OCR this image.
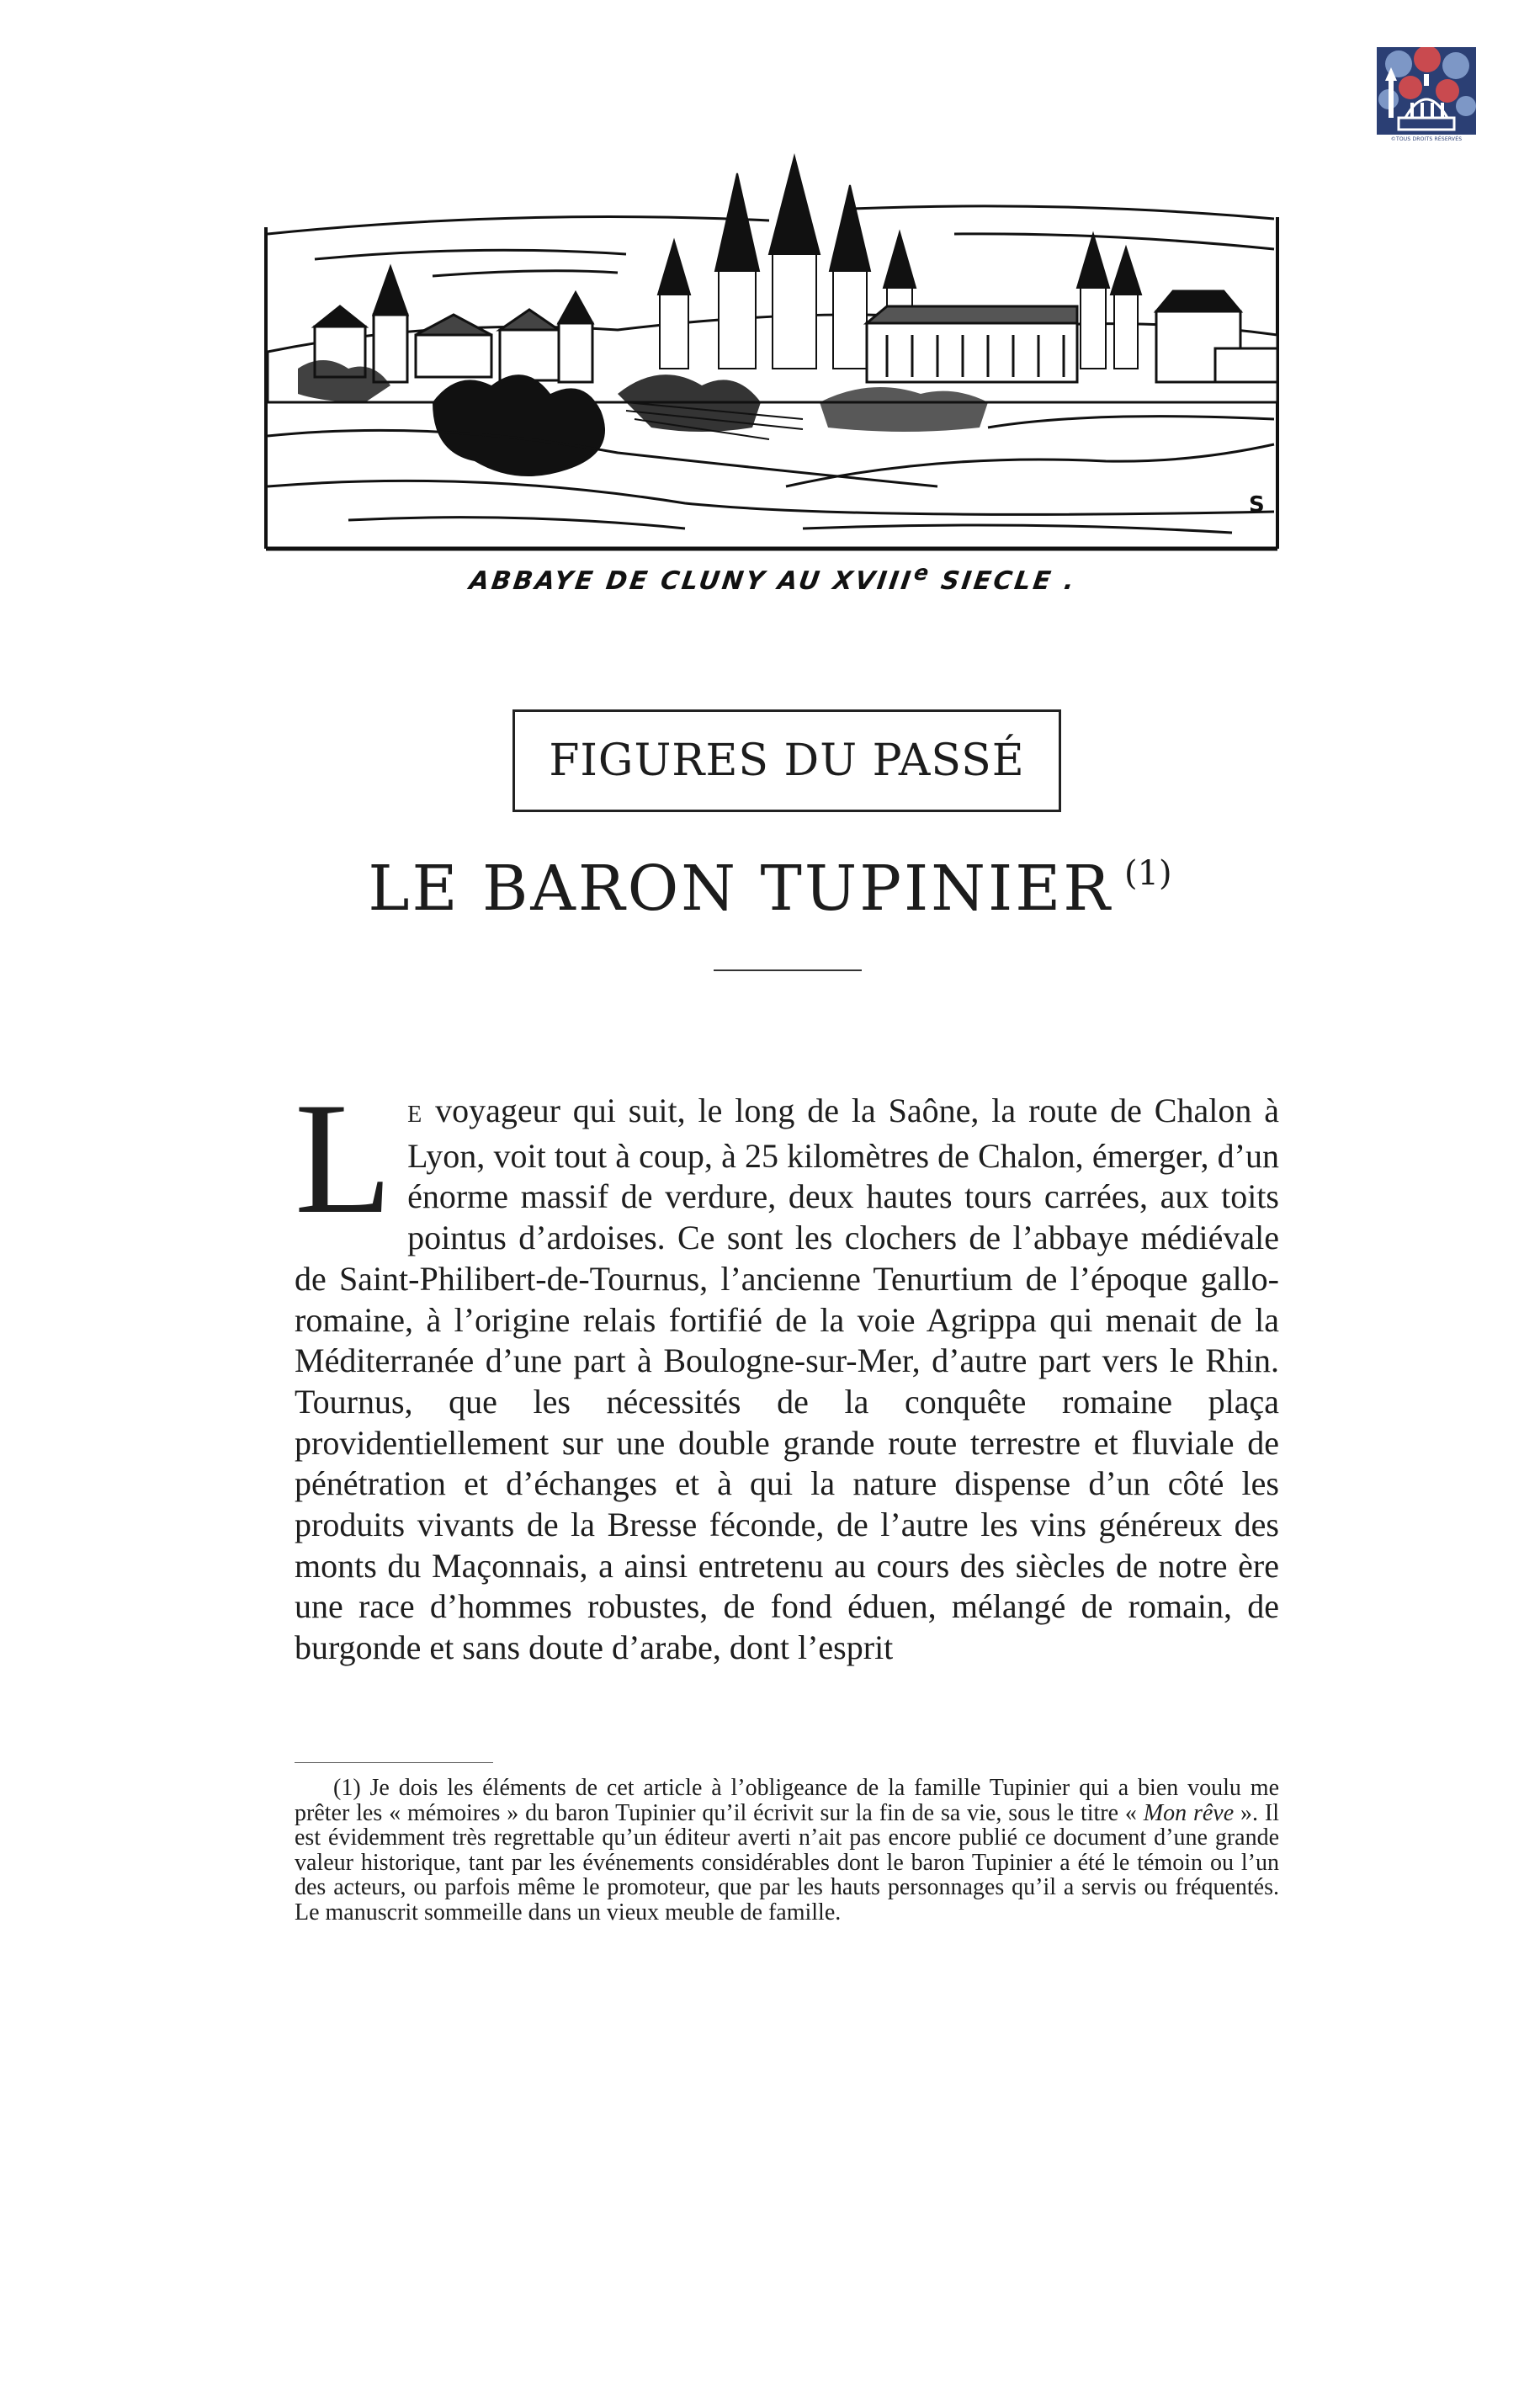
©TOUS DROITS RÉSERVÉS
S
ABBAYE DE CLUNY AU XVIIIe SIECLE .
FIGURES DU PASSÉ
LE BARON TUPINIER $^{(1)}$
L E voyageur qui suit, le long de la Saône, la route de Chalon à Lyon, voit tout à coup, à 25 kilomètres de Chalon, émerger, d’un énorme massif de verdure, deux hautes tours carrées, aux toits pointus d’ardoises. Ce sont les clochers de l’abbaye médiévale de Saint-Philibert-de-Tournus, l’ancienne Tenurtium de l’époque gallo-romaine, à l’origine relais fortifié de la voie Agrippa qui menait de la Méditerranée d’une part à Boulogne-sur-Mer, d’autre part vers le Rhin. Tournus, que les nécessités de la conquête romaine plaça providentiellement sur une double grande route terrestre et fluviale de pénétration et d’échanges et à qui la nature dispense d’un côté les produits vivants de la Bresse féconde, de l’autre les vins généreux des monts du Maçonnais, a ainsi entretenu au cours des siècles de notre ère une race d’hommes robustes, de fond éduen, mélangé de romain, de burgonde et sans doute d’arabe, dont l’esprit
(1) Je dois les éléments de cet article à l’obligeance de la famille Tupinier qui a bien voulu me prêter les « mémoires » du baron Tupinier qu’il écrivit sur la fin de sa vie, sous le titre « Mon rêve ». Il est évidemment très regrettable qu’un éditeur averti n’ait pas encore publié ce document d’une grande valeur historique, tant par les événements considérables dont le baron Tupinier a été le témoin ou l’un des acteurs, ou parfois même le promoteur, que par les hauts personnages qu’il a servis ou fréquentés. Le manuscrit sommeille dans un vieux meuble de famille.
